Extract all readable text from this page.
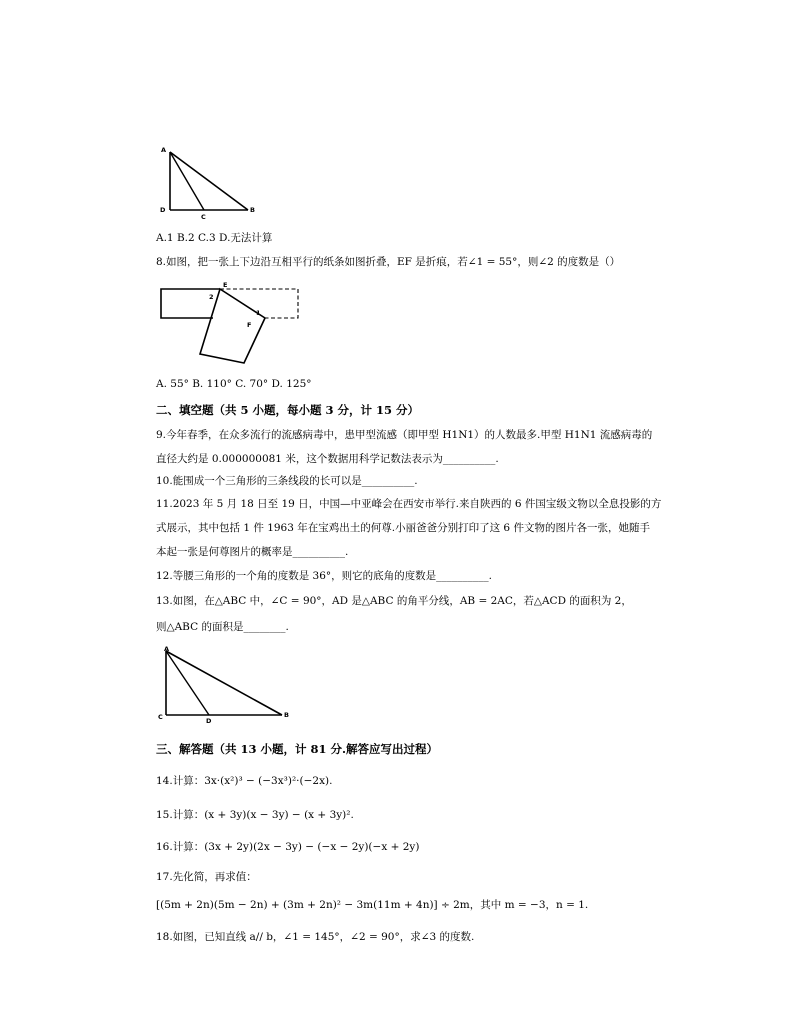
A
B
C
D
A.1 B.2 C.3 D.无法计算
8.如图，把一张上下边沿互相平行的纸条如图折叠，EF 是折痕，若∠1 = 55°，则∠2 的度数是（）
E
F
2
1
A. 55° B. 110° C. 70° D. 125°
二、填空题（共 5 小题，每小题 3 分，计 15 分）
9.今年春季，在众多流行的流感病毒中，患甲型流感（即甲型 H1N1）的人数最多.甲型 H1N1 流感病毒的
直径大约是 0.000000081 米，这个数据用科学记数法表示为__________.
10.能围成一个三角形的三条线段的长可以是__________.
11.2023 年 5 月 18 日至 19 日，中国—中亚峰会在西安市举行.来自陕西的 6 件国宝级文物以全息投影的方
式展示，其中包括 1 件 1963 年在宝鸡出土的何尊.小丽爸爸分别打印了这 6 件文物的图片各一张，她随手
本起一张是何尊图片的概率是__________.
12.等腰三角形的一个角的度数是 36°，则它的底角的度数是__________.
13.如图，在△ABC 中，∠C = 90°，AD 是△ABC 的角平分线，AB = 2AC，若△ACD 的面积为 2，
则△ABC 的面积是________.
A
B
C	D
三、解答题（共 13 小题，计 81 分.解答应写出过程）
14.计算：3x·(x²)³ − (−3x³)²·(−2x).
15.计算：(x + 3y)(x − 3y) − (x + 3y)².
16.计算：(3x + 2y)(2x − 3y) − (−x − 2y)(−x + 2y)
17.先化简，再求值：
[(5m + 2n)(5m − 2n) + (3m + 2n)² − 3m(11m + 4n)] ÷ 2m，其中 m = −3，n = 1.
18.如图，已知直线 a// b，∠1 = 145°，∠2 = 90°，求∠3 的度数.
